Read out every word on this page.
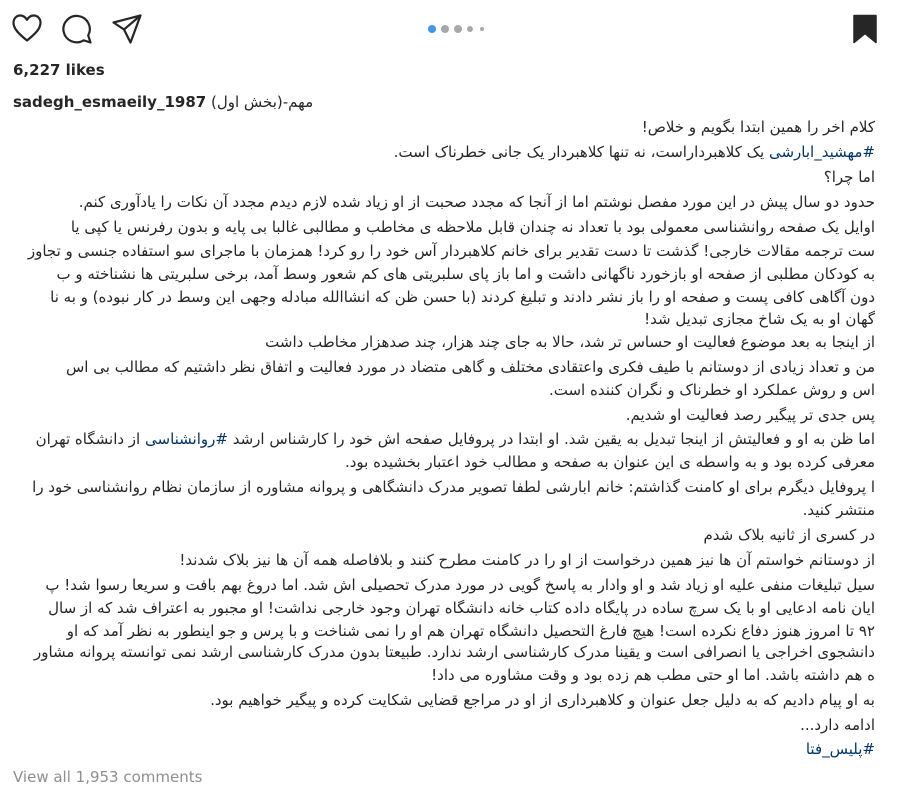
6,227 likes
sadegh_esmaeily_1987 مهم-(بخش اول)
کلام اخر را همین ابتدا بگویم و خلاص!
#مهشید_ابارشی یک کلاهبرداراست، نه تنها کلاهبردار یک جانی خطرناک است.
اما چرا؟
حدود دو سال پیش در این مورد مفصل نوشتم اما از آنجا که مجدد صحبت از او زیاد شده لازم دیدم مجدد آن نکات را یادآوری کنم.
اوایل یک صفحه روانشناسی معمولی بود با تعداد نه چندان قابل ملاحظه ی مخاطب و مطالبی غالبا بی پایه و بدون رفرنس یا کپی یا
ست ترجمه مقالات خارجی! گذشت تا دست تقدیر برای خانم کلاهبردار آس خود را رو کرد! همزمان با ماجرای سو استفاده جنسی و تجاوز
به کودکان مطلبی از صفحه او بازخورد ناگهانی داشت و اما باز پای سلبریتی های کم شعور وسط آمد، برخی سلبریتی ها نشناخته و ب
دون آگاهی کافی پست و صفحه او را باز نشر دادند و تبلیغ کردند (با حسن ظن که انشاالله مبادله وجهی این وسط در کار نبوده) و به نا
گهان او به یک شاخ مجازی تبدیل شد!
از اینجا به بعد موضوع فعالیت او حساس تر شد، حالا به جای چند هزار، چند صدهزار مخاطب داشت
من و تعداد زیادی از دوستانم با طیف فکری واعتقادی مختلف و گاهی متضاد در مورد فعالیت و اتفاق نظر داشتیم که مطالب بی اس
اس و روش عملکرد او خطرناک و نگران کننده است.
پس جدی تر پیگیر رصد فعالیت او شدیم.
اما ظن به او و فعالیتش از اینجا تبدیل به یقین شد. او ابتدا در پروفایل صفحه اش خود را کارشناس ارشد #روانشناسی از دانشگاه تهران
معرفی کرده بود و به واسطه ی این عنوان به صفحه و مطالب خود اعتبار بخشیده بود.
ا پروفایل دیگرم برای او کامنت گذاشتم: خانم ابارشی لطفا تصویر مدرک دانشگاهی و پروانه مشاوره از سازمان نظام روانشناسی خود را
منتشر کنید.
در کسری از ثانیه بلاک شدم
از دوستانم خواستم آن ها نیز همین درخواست از او را در کامنت مطرح کنند و بلافاصله همه آن ها نیز بلاک شدند!
سیل تبلیغات منفی علیه او زیاد شد و او وادار به پاسخ گویی در مورد مدرک تحصیلی اش شد. اما دروغ بهم بافت و سریعا رسوا شد! پ
ایان نامه ادعایی او با یک سرچ ساده در پایگاه داده کتاب خانه دانشگاه تهران وجود خارجی نداشت! او مجبور به اعتراف شد که از سال
۹۲ تا امروز هنوز دفاع نکرده است! هیچ فارغ التحصیل دانشگاه تهران هم او را نمی شناخت و با پرس و جو اینطور به نظر آمد که او
دانشجوی اخراجی یا انصرافی است و یقینا مدرک کارشناسی ارشد ندارد. طبیعتا بدون مدرک کارشناسی ارشد نمی توانسته پروانه مشاور
ه هم داشته باشد. اما او حتی مطب هم زده بود و وقت مشاوره می داد!
به او پیام دادیم که به دلیل جعل عنوان و کلاهبرداری از او در مراجع قضایی شکایت کرده و پیگیر خواهیم بود.
ادامه دارد...
#پلیس_فتا
View all 1,953 comments
